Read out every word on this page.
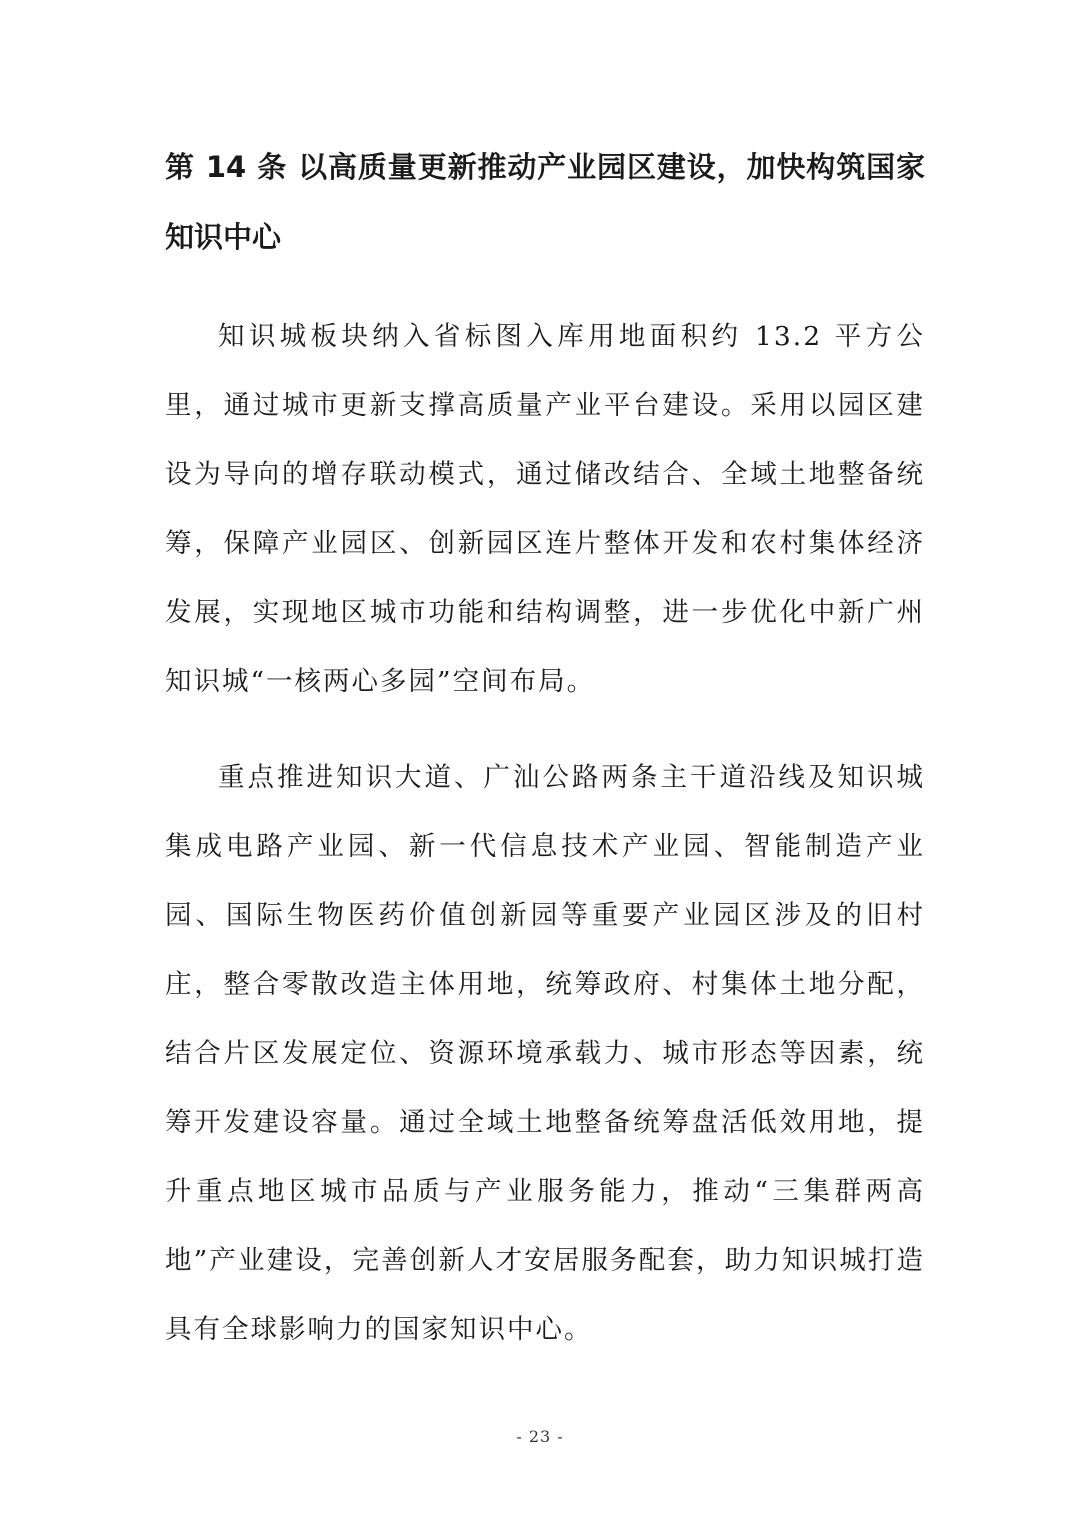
第 14 条 以高质量更新推动产业园区建设，加快构筑国家知识中心

知识城板块纳入省标图入库用地面积约 13.2 平方公里，通过城市更新支撑高质量产业平台建设。采用以园区建设为导向的增存联动模式，通过储改结合、全域土地整备统筹，保障产业园区、创新园区连片整体开发和农村集体经济发展，实现地区城市功能和结构调整，进一步优化中新广州知识城“一核两心多园”空间布局。

重点推进知识大道、广汕公路两条主干道沿线及知识城集成电路产业园、新一代信息技术产业园、智能制造产业园、国际生物医药价值创新园等重要产业园区涉及的旧村庄，整合零散改造主体用地，统筹政府、村集体土地分配，结合片区发展定位、资源环境承载力、城市形态等因素，统筹开发建设容量。通过全域土地整备统筹盘活低效用地，提升重点地区城市品质与产业服务能力，推动“三集群两高地”产业建设，完善创新人才安居服务配套，助力知识城打造具有全球影响力的国家知识中心。

- 23 -
